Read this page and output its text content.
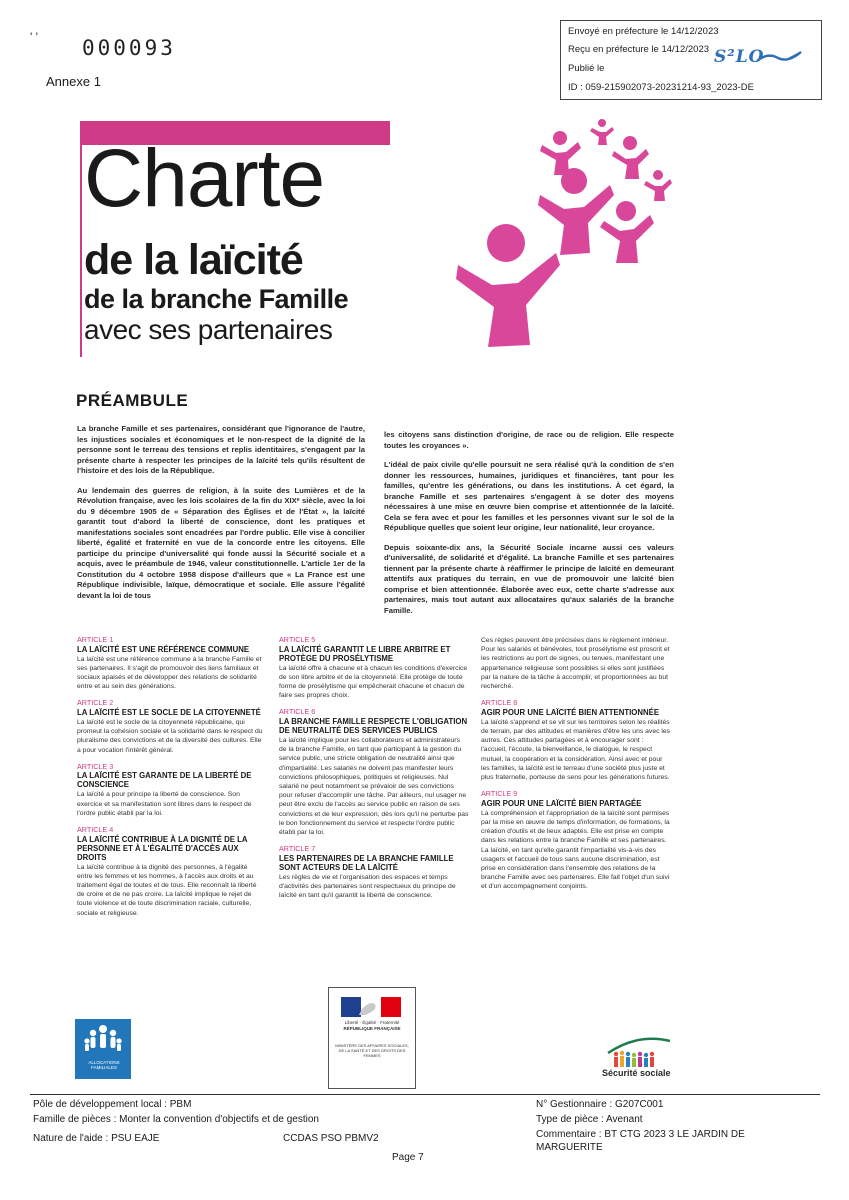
' ' 000093
Annexe 1
Envoyé en préfecture le 14/12/2023
Reçu en préfecture le 14/12/2023
Publié le
ID : 059-215902073-20231214-93_2023-DE
S²LO
Charte
de la laïcité
de la branche Famille
avec ses partenaires
PRÉAMBULE

La branche Famille et ses partenaires, considérant que l'ignorance de l'autre, les injustices sociales et économiques et le non-respect de la dignité de la personne sont le terreau des tensions et replis identitaires, s'engagent par la présente charte à respecter les principes de la laïcité tels qu'ils résultent de l'histoire et des lois de la République.

Au lendemain des guerres de religion, à la suite des Lumières et de la Révolution française, avec les lois scolaires de la fin du XIXᵉ siècle, avec la loi du 9 décembre 1905 de « Séparation des Églises et de l'État », la laïcité garantit tout d'abord la liberté de conscience, dont les pratiques et manifestations sociales sont encadrées par l'ordre public. Elle vise à concilier liberté, égalité et fraternité en vue de la concorde entre les citoyens. Elle participe du principe d'universalité qui fonde aussi la Sécurité sociale et a acquis, avec le préambule de 1946, valeur constitutionnelle. L'article 1er de la Constitution du 4 octobre 1958 dispose d'ailleurs que « La France est une République indivisible, laïque, démocratique et sociale. Elle assure l'égalité devant la loi de tous

les citoyens sans distinction d'origine, de race ou de religion. Elle respecte toutes les croyances ».

L'idéal de paix civile qu'elle poursuit ne sera réalisé qu'à la condition de s'en donner les ressources, humaines, juridiques et financières, tant pour les familles, qu'entre les générations, ou dans les institutions. À cet égard, la branche Famille et ses partenaires s'engagent à se doter des moyens nécessaires à une mise en œuvre bien comprise et attentionnée de la laïcité. Cela se fera avec et pour les familles et les personnes vivant sur le sol de la République quelles que soient leur origine, leur nationalité, leur croyance.

Depuis soixante-dix ans, la Sécurité Sociale incarne aussi ces valeurs d'universalité, de solidarité et d'égalité. La branche Famille et ses partenaires tiennent par la présente charte à réaffirmer le principe de laïcité en demeurant attentifs aux pratiques du terrain, en vue de promouvoir une laïcité bien comprise et bien attentionnée. Élaborée avec eux, cette charte s'adresse aux partenaires, mais tout autant aux allocataires qu'aux salariés de la branche Famille.

ARTICLE 1
LA LAÏCITÉ EST UNE RÉFÉRENCE COMMUNE

La laïcité est une référence commune à la branche Famille et ses partenaires. Il s'agit de promouvoir des liens familiaux et sociaux apaisés et de développer des relations de solidarité entre et au sein des générations.

ARTICLE 2
LA LAÏCITÉ EST LE SOCLE DE LA CITOYENNETÉ

La laïcité est le socle de la citoyenneté républicaine, qui promeut la cohésion sociale et la solidarité dans le respect du pluralisme des convictions et de la diversité des cultures. Elle a pour vocation l'intérêt général.

ARTICLE 3
LA LAÏCITÉ EST GARANTE DE LA LIBERTÉ DE CONSCIENCE

La laïcité a pour principe la liberté de conscience. Son exercice et sa manifestation sont libres dans le respect de l'ordre public établi par la loi.

ARTICLE 4
LA LAÏCITÉ CONTRIBUE À LA DIGNITÉ DE LA PERSONNE ET À L'ÉGALITÉ D'ACCÈS AUX DROITS

La laïcité contribue à la dignité des personnes, à l'égalité entre les femmes et les hommes, à l'accès aux droits et au traitement égal de toutes et de tous. Elle reconnaît la liberté de croire et de ne pas croire. La laïcité implique le rejet de toute violence et de toute discrimination raciale, culturelle, sociale et religieuse.

ARTICLE 5
LA LAÏCITÉ GARANTIT LE LIBRE ARBITRE ET PROTÈGE DU PROSÉLYTISME

La laïcité offre à chacune et à chacun les conditions d'exercice de son libre arbitre et de la citoyenneté. Elle protège de toute forme de prosélytisme qui empêcherait chacune et chacun de faire ses propres choix.

ARTICLE 6
LA BRANCHE FAMILLE RESPECTE L'OBLIGATION DE NEUTRALITÉ DES SERVICES PUBLICS

La laïcité implique pour les collaborateurs et administrateurs de la branche Famille, en tant que participant à la gestion du service public, une stricte obligation de neutralité ainsi que d'impartialité. Les salariés ne doivent pas manifester leurs convictions philosophiques, politiques et religieuses. Nul salarié ne peut notamment se prévaloir de ses convictions pour refuser d'accomplir une tâche. Par ailleurs, nul usager ne peut être exclu de l'accès au service public en raison de ses convictions et de leur expression, dès lors qu'il ne perturbe pas le bon fonctionnement du service et respecte l'ordre public établi par la loi.

ARTICLE 7
LES PARTENAIRES DE LA BRANCHE FAMILLE SONT ACTEURS DE LA LAÏCITÉ

Les règles de vie et l'organisation des espaces et temps d'activités des partenaires sont respectueux du principe de laïcité en tant qu'il garantit la liberté de conscience.

Ces règles peuvent être précisées dans le règlement intérieur. Pour les salariés et bénévoles, tout prosélytisme est proscrit et les restrictions au port de signes, ou tenues, manifestant une appartenance religieuse sont possibles si elles sont justifiées par la nature de la tâche à accomplir, et proportionnées au but recherché.

ARTICLE 8
AGIR POUR UNE LAÏCITÉ BIEN ATTENTIONNÉE

La laïcité s'apprend et se vit sur les territoires selon les réalités de terrain, par des attitudes et manières d'être les uns avec les autres. Ces attitudes partagées et à encourager sont : l'accueil, l'écoute, la bienveillance, le dialogue, le respect mutuel, la coopération et la considération. Ainsi avec et pour les familles, la laïcité est le terreau d'une société plus juste et plus fraternelle, porteuse de sens pour les générations futures.

ARTICLE 9
AGIR POUR UNE LAÏCITÉ BIEN PARTAGÉE

La compréhension et l'appropriation de la laïcité sont permises par la mise en œuvre de temps d'information, de formations, la création d'outils et de lieux adaptés. Elle est prise en compte dans les relations entre la branche Famille et ses partenaires. La laïcité, en tant qu'elle garantit l'impartialité vis-à-vis des usagers et l'accueil de tous sans aucune discrimination, est prise en considération dans l'ensemble des relations de la branche Famille avec ses partenaires. Elle fait l'objet d'un suivi et d'un accompagnement conjoints.

ALLOCATIONS FAMILIALES
Liberté · Égalité · Fraternité
RÉPUBLIQUE FRANÇAISE
MINISTÈRE DES AFFAIRES SOCIALES, DE LA SANTÉ ET DES DROITS DES FEMMES
Sécurité sociale
Pôle de développement local : PBM
Famille de pièces : Monter la convention d'objectifs et de gestion
Nature de l'aide : PSU EAJE	CCDAS PSO PBMV2
N° Gestionnaire : G207C001
Type de pièce : Avenant
Commentaire : BT CTG 2023 3 LE JARDIN DE MARGUERITE
Page 7
